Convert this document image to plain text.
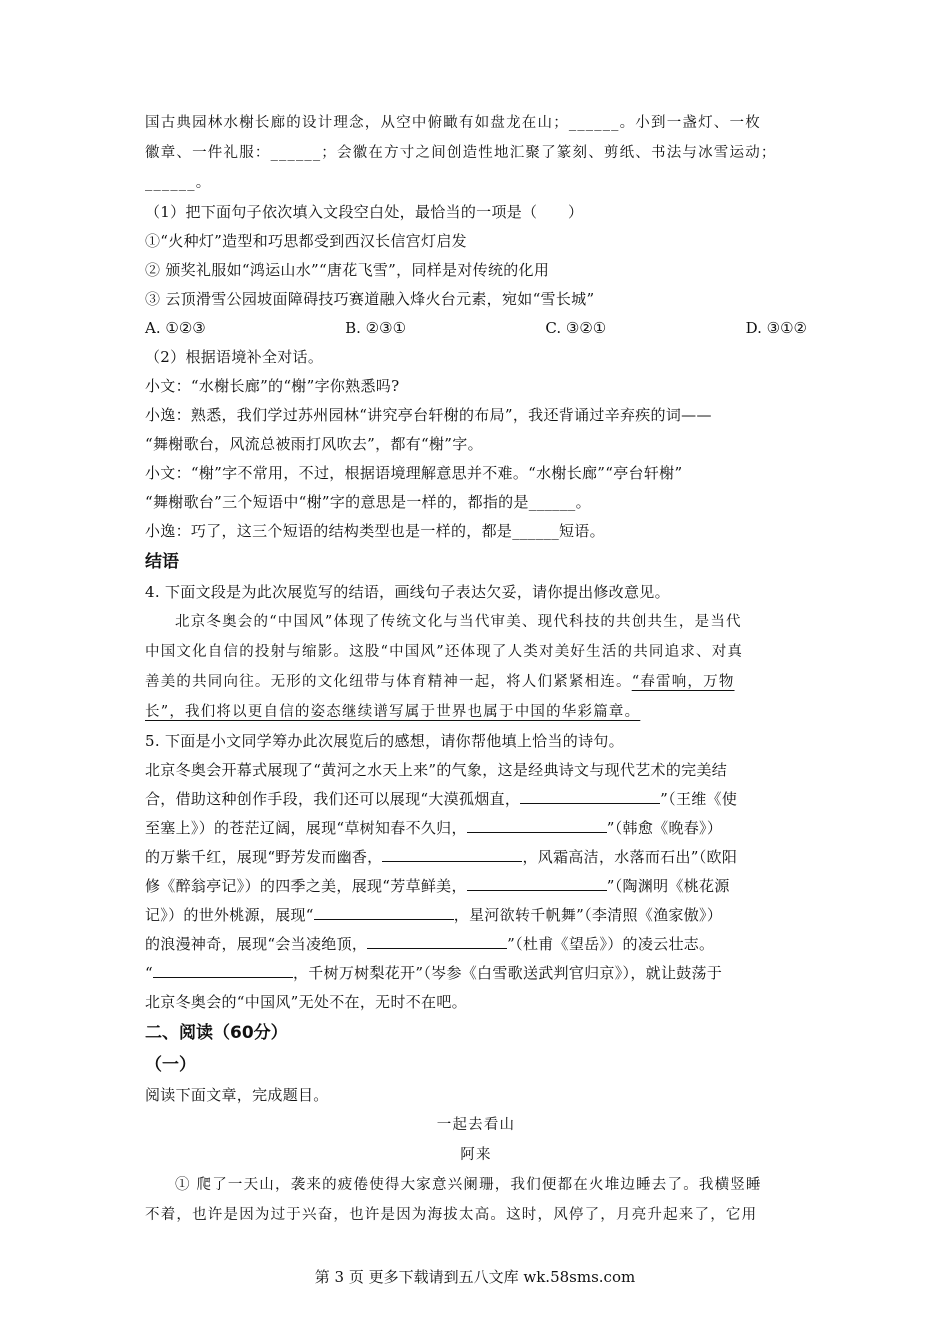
国古典园林水榭长廊的设计理念，从空中俯瞰有如盘龙在山；______。小到一盏灯、一枚
徽章、一件礼服：______；会徽在方寸之间创造性地汇聚了篆刻、剪纸、书法与冰雪运动；
______。
（1）把下面句子依次填入文段空白处，最恰当的一项是（　　）
①“火种灯”造型和巧思都受到西汉长信宫灯启发
② 颁奖礼服如“鸿运山水”“唐花飞雪”，同样是对传统的化用
③ 云顶滑雪公园坡面障碍技巧赛道融入烽火台元素，宛如“雪长城”
A. ①②③	B. ②③①	C. ③②①	D. ③①②
（2）根据语境补全对话。
小文：“水榭长廊”的“榭”字你熟悉吗?
小逸：熟悉，我们学过苏州园林“讲究亭台轩榭的布局”，我还背诵过辛弃疾的词——
“舞榭歌台，风流总被雨打风吹去”，都有“榭”字。
小文：“榭”字不常用，不过，根据语境理解意思并不难。“水榭长廊”“亭台轩榭”
“舞榭歌台”三个短语中“榭”字的意思是一样的，都指的是______。
小逸：巧了，这三个短语的结构类型也是一样的，都是______短语。
结语
4. 下面文段是为此次展览写的结语，画线句子表达欠妥，请你提出修改意见。
北京冬奥会的“中国风”体现了传统文化与当代审美、现代科技的共创共生，是当代
中国文化自信的投射与缩影。这股“中国风”还体现了人类对美好生活的共同追求、对真
善美的共同向往。无形的文化纽带与体育精神一起，将人们紧紧相连。“春雷响，万物
长”，我们将以更自信的姿态继续谱写属于世界也属于中国的华彩篇章。
5. 下面是小文同学筹办此次展览后的感想，请你帮他填上恰当的诗句。
北京冬奥会开幕式展现了“黄河之水天上来”的气象，这是经典诗文与现代艺术的完美结
合，借助这种创作手段，我们还可以展现“大漠孤烟直，	”（王维《使
至塞上》）的苍茫辽阔，展现“草树知春不久归，	”（韩愈《晚春》）
的万紫千红，展现“野芳发而幽香，	，风霜高洁，水落而石出”（欧阳
修《醉翁亭记》）的四季之美，展现“芳草鲜美，	”（陶渊明《桃花源
记》）的世外桃源，展现“	，星河欲转千帆舞”（李清照《渔家傲》）
的浪漫神奇，展现“会当凌绝顶，	”（杜甫《望岳》）的凌云壮志。
“	，千树万树梨花开”（岑参《白雪歌送武判官归京》），就让鼓荡于
北京冬奥会的“中国风”无处不在，无时不在吧。
二、阅读（60分）
（一）
阅读下面文章，完成题目。
一起去看山
阿来
① 爬了一天山，袭来的疲倦使得大家意兴阑珊，我们便都在火堆边睡去了。我横竖睡
不着，也许是因为过于兴奋，也许是因为海拔太高。这时，风停了，月亮升起来了，它用
第 3 页 更多下载请到五八文库 wk.58sms.com
